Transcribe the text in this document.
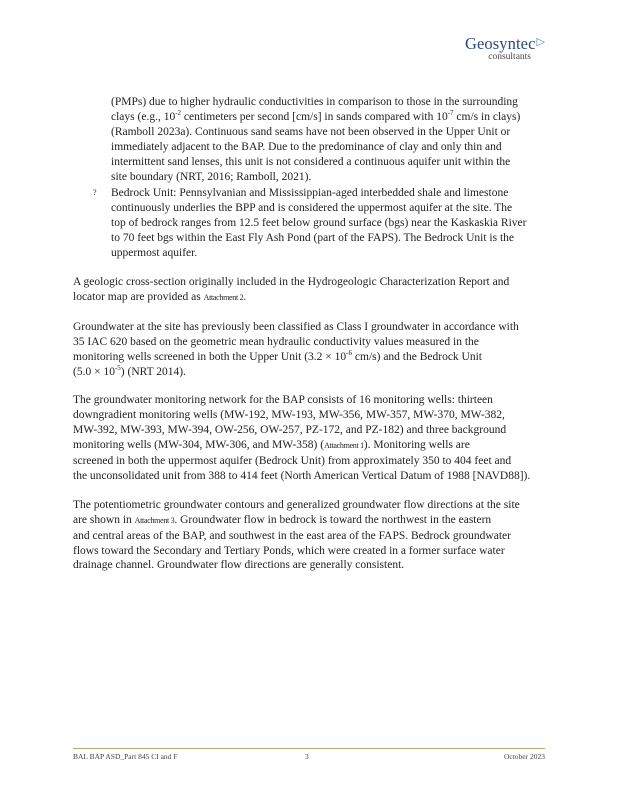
Geosyntec▷
consultants

(PMPs) due to higher hydraulic conductivities in comparison to those in the surrounding

clays (e.g., $10^{-2}$ centimeters per second [cm/s] in sands compared with $10^{-7}$ cm/s in clays)

(Ramboll 2023a). Continuous sand seams have not been observed in the Upper Unit or

immediately adjacent to the BAP. Due to the predominance of clay and only thin and

intermittent sand lenses, this unit is not considered a continuous aquifer unit within the

site boundary (NRT, 2016; Ramboll, 2021).

? Bedrock Unit: Pennsylvanian and Mississippian-aged interbedded shale and limestone

continuously underlies the BPP and is considered the uppermost aquifer at the site. The

top of bedrock ranges from 12.5 feet below ground surface (bgs) near the Kaskaskia River

to 70 feet bgs within the East Fly Ash Pond (part of the FAPS). The Bedrock Unit is the

uppermost aquifer.

A geologic cross-section originally included in the Hydrogeologic Characterization Report and

locator map are provided as Attachment 2.

Groundwater at the site has previously been classified as Class I groundwater in accordance with

35 IAC 620 based on the geometric mean hydraulic conductivity values measured in the

monitoring wells screened in both the Upper Unit ($3.2 \times 10^{-6}$ cm/s) and the Bedrock Unit

$(5.0 \times 10^{-5})$ (NRT 2014).

The groundwater monitoring network for the BAP consists of 16 monitoring wells: thirteen

downgradient monitoring wells (MW-192, MW-193, MW-356, MW-357, MW-370, MW-382,

MW-392, MW-393, MW-394, OW-256, OW-257, PZ-172, and PZ-182) and three background

monitoring wells (MW-304, MW-306, and MW-358) (Attachment 1). Monitoring wells are

screened in both the uppermost aquifer (Bedrock Unit) from approximately 350 to 404 feet and

the unconsolidated unit from 388 to 414 feet (North American Vertical Datum of 1988 [NAVD88]).

The potentiometric groundwater contours and generalized groundwater flow directions at the site

are shown in Attachment 3. Groundwater flow in bedrock is toward the northwest in the eastern

and central areas of the BAP, and southwest in the east area of the FAPS. Bedrock groundwater

flows toward the Secondary and Tertiary Ponds, which were created in a former surface water

drainage channel. Groundwater flow directions are generally consistent.

BAL BAP ASD_Part 845 CI and F	3	October 2023
